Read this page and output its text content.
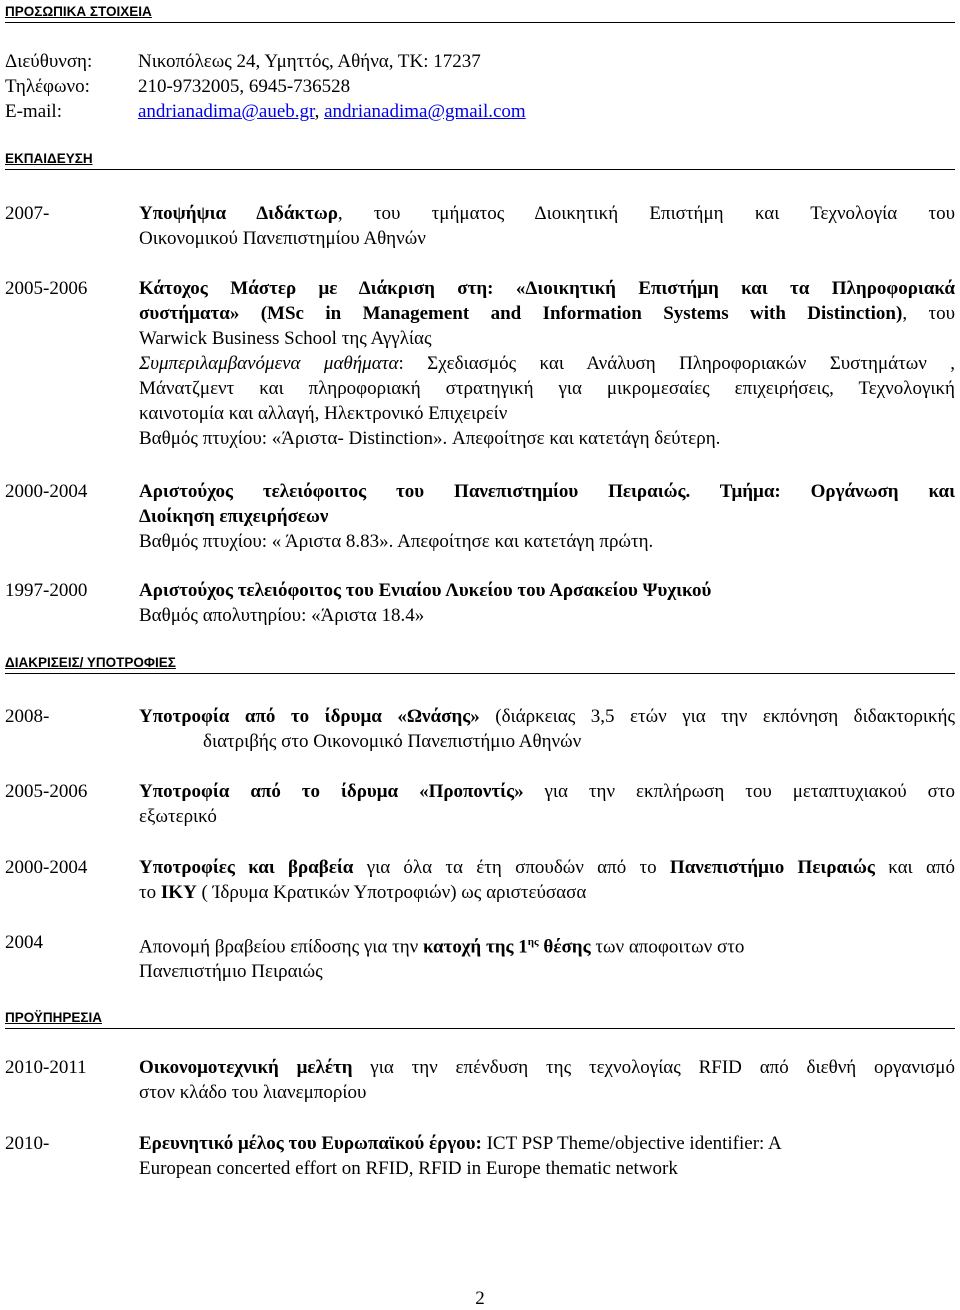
ΠΡΟΣΩΠΙΚΑ ΣΤΟΙΧΕΙΑ
Διεύθυνση:	Νικοπόλεως 24, Υμηττός, Αθήνα, ΤΚ: 17237
Τηλέφωνο:	210-9732005, 6945-736528
E-mail:	andrianadima@aueb.gr, andrianadima@gmail.com
ΕΚΠΑΙΔΕΥΣΗ
2007-	Υποψήψια Διδάκτωρ, του τμήματος Διοικητική Επιστήμη και Τεχνολογία του
Οικονομικού Πανεπιστημίου Αθηνών
2005-2006	Κάτοχος Μάστερ με Διάκριση στη: «Διοικητική Επιστήμη και τα Πληροφοριακά
συστήματα» (MSc in Management and Information Systems with Distinction), του
Warwick Business School της Αγγλίας
Συμπεριλαμβανόμενα μαθήματα: Σχεδιασμός και Ανάλυση Πληροφοριακών Συστημάτων ,
Μάνατζμεντ και πληροφοριακή στρατηγική για μικρομεσαίες επιχειρήσεις, Τεχνολογική
καινοτομία και αλλαγή, Ηλεκτρονικό Επιχειρείν
Βαθμός πτυχίου: «Άριστα- Distinction». Απεφοίτησε και κατετάγη δεύτερη.
2000-2004	Αριστούχος τελειόφοιτος του Πανεπιστημίου Πειραιώς. Τμήμα: Οργάνωση και
Διοίκηση επιχειρήσεων
Βαθμός πτυχίου: « Άριστα 8.83». Απεφοίτησε και κατετάγη πρώτη.
1997-2000	Αριστούχος τελειόφοιτος του Ενιαίου Λυκείου του Αρσακείου Ψυχικού
Βαθμός απολυτηρίου: «Άριστα 18.4»
ΔΙΑΚΡΙΣΕΙΣ/ ΥΠΟΤΡΟΦΙΕΣ
2008-	Υποτροφία από το ίδρυμα «Ωνάσης» (διάρκειας 3,5 ετών για την εκπόνηση διδακτορικής
διατριβής στο Οικονομικό Πανεπιστήμιο Αθηνών
2005-2006	Υποτροφία από το ίδρυμα «Προποντίς» για την εκπλήρωση του μεταπτυχιακού στο
εξωτερικό
2000-2004	Υποτροφίες και βραβεία για όλα τα έτη σπουδών από το Πανεπιστήμιο Πειραιώς και από
το ΙΚΥ ( Ίδρυμα Κρατικών Υποτροφιών) ως αριστεύσασα
2004	Απονομή βραβείου επίδοσης για την κατοχή της $1^{\eta\varsigma}$ θέσης των αποφοιτων στο
Πανεπιστήμιο Πειραιώς
ΠΡΟΫΠΗΡΕΣΙΑ
2010-2011	Οικονομοτεχνική μελέτη για την επένδυση της τεχνολογίας RFID από διεθνή οργανισμό
στον κλάδο του λιανεμπορίου
2010-	Ερευνητικό μέλος του Ευρωπαϊκού έργου: ICT PSP Theme/objective identifier: A
European concerted effort on RFID, RFID in Europe thematic network
2
